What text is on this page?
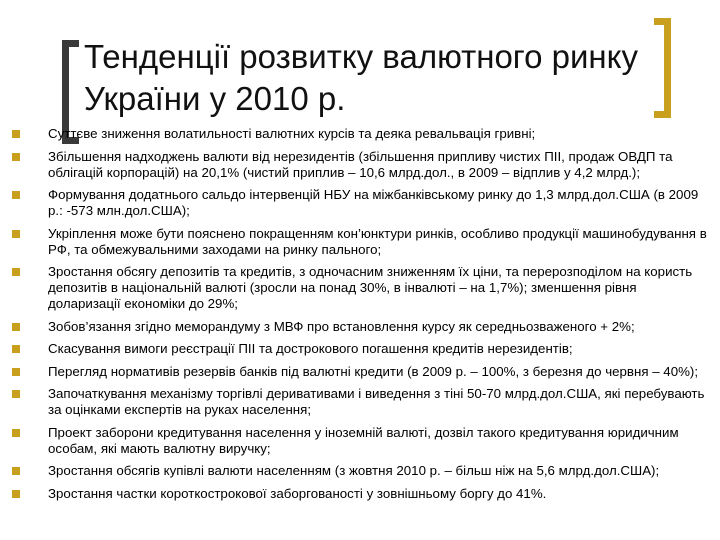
Тенденції розвитку валютного ринку України у 2010 р.
Суттєве зниження волатильності валютних курсів та деяка ревальвація гривні;
Збільшення надходжень валюти від нерезидентів (збільшення припливу чистих ПІІ, продаж ОВДП та облігацій корпорацій) на 20,1% (чистий приплив – 10,6 млрд.дол., в 2009 – відплив у 4,2 млрд.);
Формування додатнього сальдо інтервенцій НБУ на міжбанківському ринку до 1,3 млрд.дол.США (в 2009 р.: -573 млн.дол.США);
Укріплення може бути пояснено покращенням кон’юнктури ринків, особливо продукції машинобудування в РФ, та обмежувальними заходами на ринку пального;
Зростання обсягу депозитів та кредитів, з одночасним зниженням їх ціни, та перерозподілом на користь депозитів в національній валюті (зросли на понад 30%, в інвалюті – на 1,7%); зменшення рівня доларизації економіки до 29%;
Зобов’язання згідно меморандуму з МВФ про встановлення курсу як середньозваженого + 2%;
Скасування вимоги реєстрації ПІІ та дострокового погашення кредитів нерезидентів;
Перегляд нормативів резервів банків під валютні кредити (в 2009 р. – 100%, з березня до червня – 40%);
Започаткування механізму торгівлі деривативами і виведення з тіні 50-70 млрд.дол.США, які перебувають за оцінками експертів на руках населення;
Проект заборони кредитування населення у іноземній валюті, дозвіл такого кредитування юридичним особам, які мають валютну виручку;
Зростання обсягів купівлі валюти населенням (з жовтня 2010 р. – більш ніж на 5,6 млрд.дол.США);
Зростання частки короткострокової заборгованості у зовнішньому боргу до 41%.
